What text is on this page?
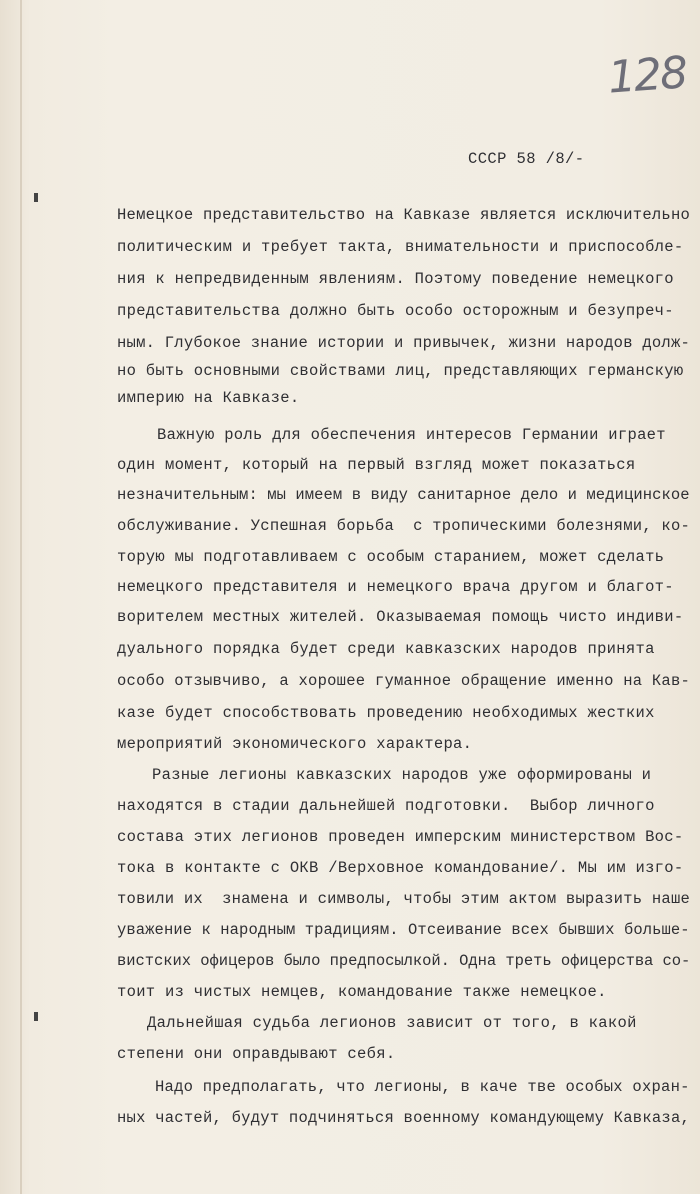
128
СССР 58 /8/-
Немецкое представительство на Кавказе является исключительно
политическим и требует такта, внимательности и приспособле-
ния к непредвиденным явлениям. Поэтому поведение немецкого
представительства должно быть особо осторожным и безупреч-
ным. Глубокое знание истории и привычек, жизни народов долж-
но быть основными свойствами лиц, представляющих германскую
империю на Кавказе.
Важную роль для обеспечения интересов Германии играет
один момент, который на первый взгляд может показаться
незначительным: мы имеем в виду санитарное дело и медицинское
обслуживание. Успешная борьба  с тропическими болезнями, ко-
торую мы подготавливаем с особым старанием, может сделать
немецкого представителя и немецкого врача другом и благот-
ворителем местных жителей. Оказываемая помощь чисто индиви-
дуального порядка будет среди кавказских народов принята
особо отзывчиво, а хорошее гуманное обращение именно на Кав-
казе будет способствовать проведению необходимых жестких
мероприятий экономического характера.
Разные легионы кавказских народов уже оформированы и
находятся в стадии дальнейшей подготовки.  Выбор личного
состава этих легионов проведен имперским министерством Вос-
тока в контакте с ОКВ /Верховное командование/. Мы им изго-
товили их  знамена и символы, чтобы этим актом выразить наше
уважение к народным традициям. Отсеивание всех бывших больше-
вистских офицеров было предпосылкой. Одна треть офицерства со-
тоит из чистых немцев, командование также немецкое.
Дальнейшая судьба легионов зависит от того, в какой
степени они оправдывают себя.
Надо предполагать, что легионы, в каче тве особых охран-
ных частей, будут подчиняться военному командующему Кавказа,
